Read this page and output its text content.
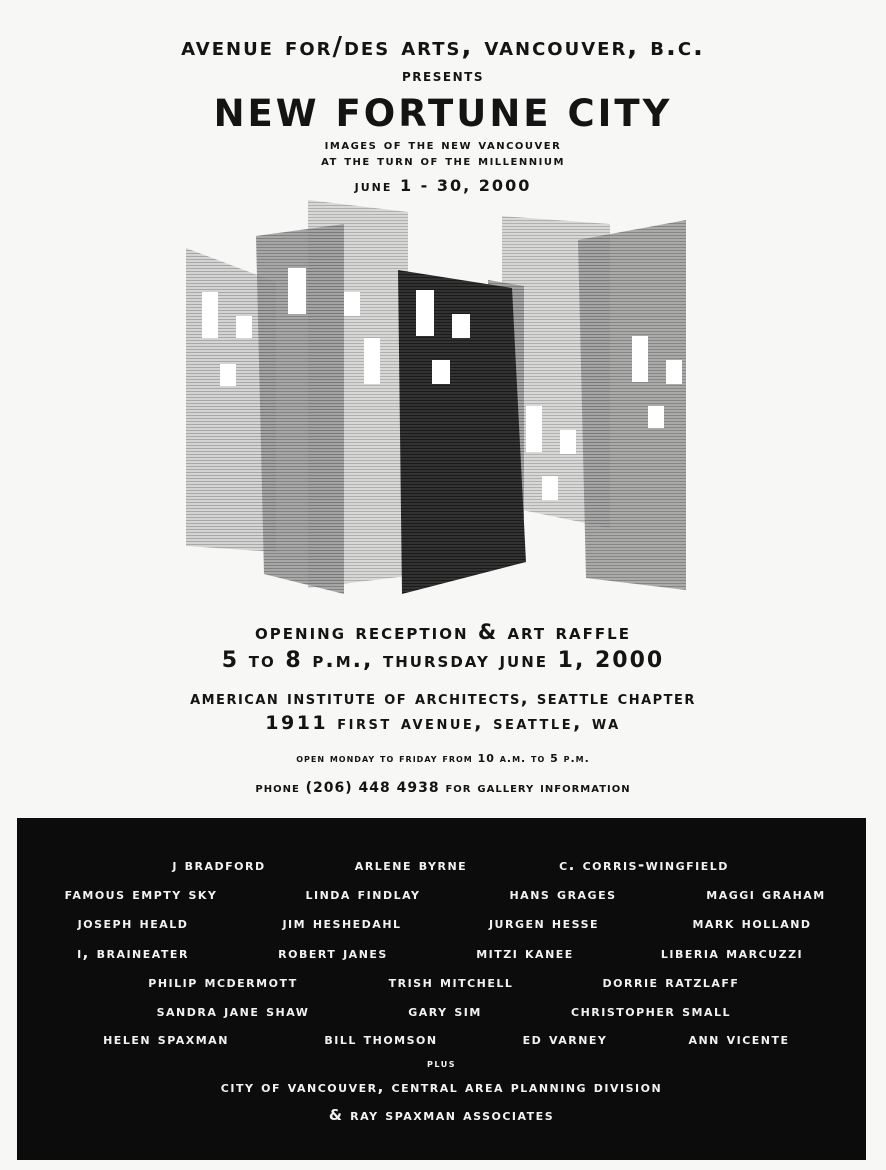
avenue for/des arts, vancouver, b.c.
presents
NEW FORTUNE CITY
images of the new vancouver
at the turn of the millennium
june 1 - 30, 2000
opening reception & art raffle
5 to 8 p.m., thursday june 1, 2000
american institute of architects, seattle chapter
1911 first avenue, seattle, wa
open monday to friday from 10 a.m. to 5 p.m.
phone (206) 448 4938 for gallery information
j bradford	arlene byrne	c. corris-wingfield
famous empty sky	linda findlay	hans grages	maggi graham
joseph heald	jim heshedahl	jurgen hesse	mark holland
i, braineater	robert janes	mitzi kanee	liberia marcuzzi
philip mcdermott	trish mitchell	dorrie ratzlaff
sandra jane shaw	gary sim	christopher small
helen spaxman	bill thomson	ed varney	ann vicente
plus
city of vancouver, central area planning division
& ray spaxman associates
